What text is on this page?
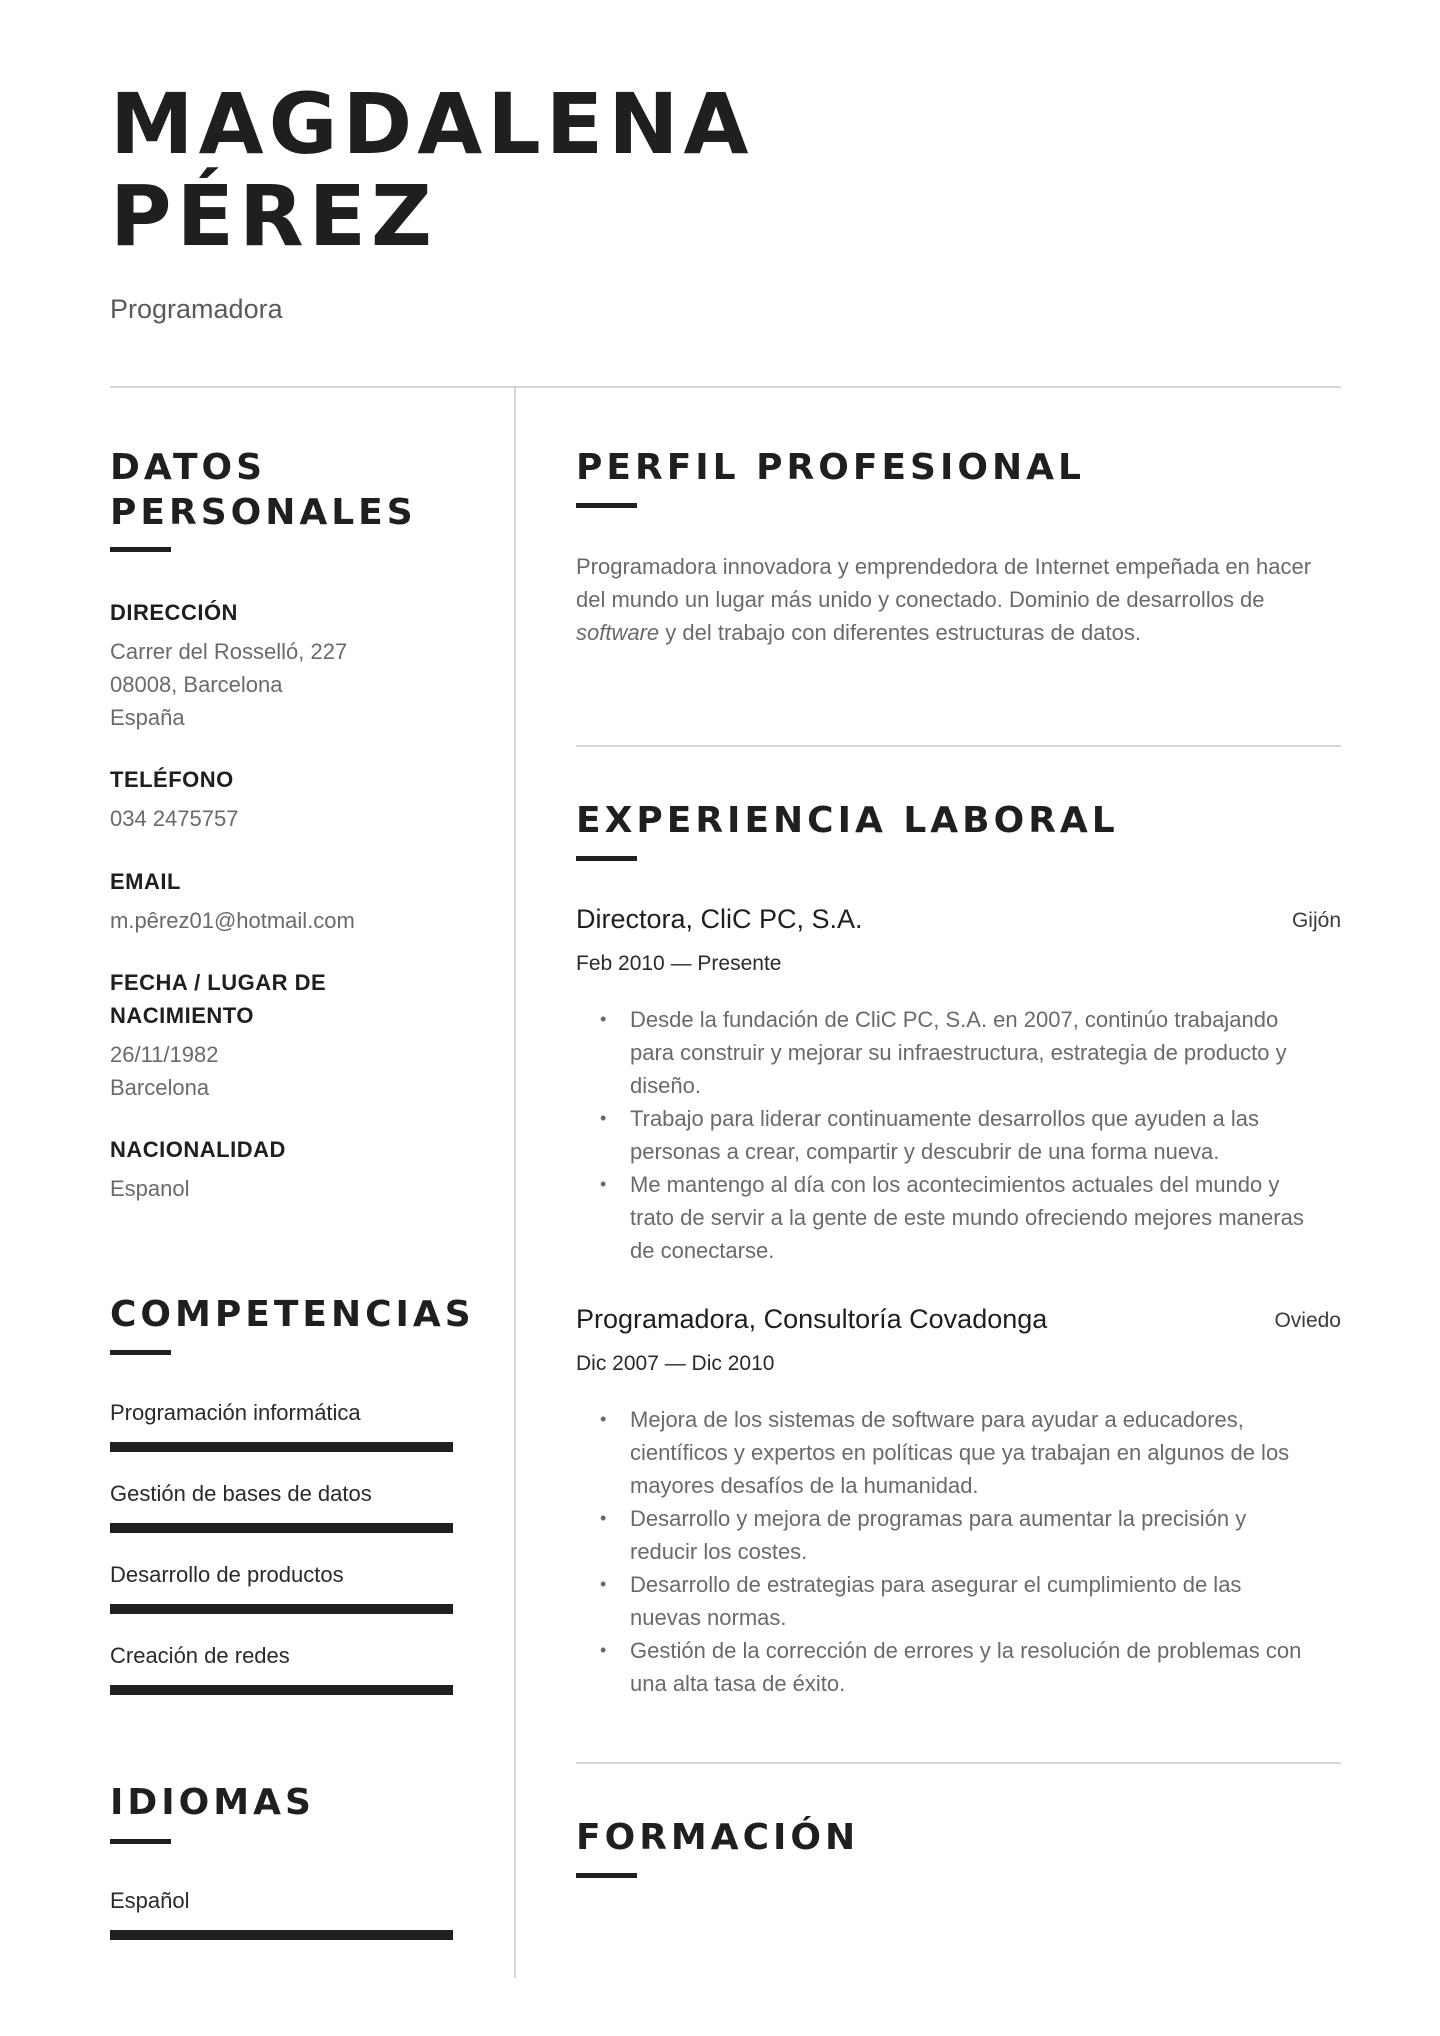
MAGDALENA
PÉREZ
Programadora
DATOS
PERSONALES
DIRECCIÓN
Carrer del Rosselló, 227
08008, Barcelona
España
TELÉFONO
034 2475757
EMAIL
m.pêrez01@hotmail.com
FECHA / LUGAR DE
NACIMIENTO
26/11/1982
Barcelona
NACIONALIDAD
Espanol
COMPETENCIAS
Programación informática
Gestión de bases de datos
Desarrollo de productos
Creación de redes
IDIOMAS
Español
PERFIL PROFESIONAL

Programadora innovadora y emprendedora de Internet empeñada en hacer del mundo un lugar más unido y conectado. Dominio de desarrollos de software y del trabajo con diferentes estructuras de datos.

EXPERIENCIA LABORAL
Directora, CliC PC, S.A.	Gijón
Feb 2010 — Presente
•	Desde la fundación de CliC PC, S.A. en 2007, continúo trabajando para construir y mejorar su infraestructura, estrategia de producto y diseño.
•	Trabajo para liderar continuamente desarrollos que ayuden a las personas a crear, compartir y descubrir de una forma nueva.
•	Me mantengo al día con los acontecimientos actuales del mundo y trato de servir a la gente de este mundo ofreciendo mejores maneras de conectarse.
Programadora, Consultoría Covadonga	Oviedo
Dic 2007 — Dic 2010
•	Mejora de los sistemas de software para ayudar a educadores, científicos y expertos en políticas que ya trabajan en algunos de los mayores desafíos de la humanidad.
•	Desarrollo y mejora de programas para aumentar la precisión y reducir los costes.
•	Desarrollo de estrategias para asegurar el cumplimiento de las nuevas normas.
•	Gestión de la corrección de errores y la resolución de problemas con una alta tasa de éxito.
FORMACIÓN
